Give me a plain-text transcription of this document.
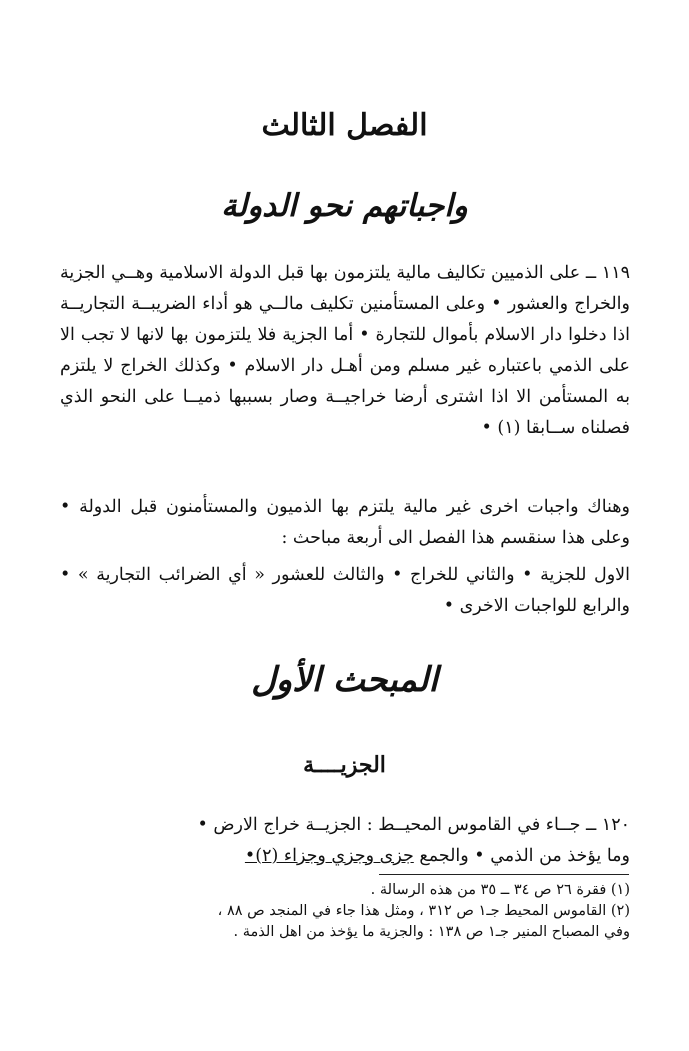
الفصل الثالث
واجباتهم نحو الدولة

١١٩ ــ على الذميين تكاليف مالية يلتزمون بها قبل الدولة الاسلامية وهــي الجزية والخراج والعشور • وعلى المستأمنين تكليف مالــي هو أداء الضريبــة التجاريــة اذا دخلوا دار الاسلام بأموال للتجارة • أما الجزية فلا يلتزمون بها لانها لا تجب الا على الذمي باعتباره غير مسلم ومن أهـل دار الاسلام • وكذلك الخراج لا يلتزم به المستأمن الا اذا اشترى أرضا خراجيــة وصار بسببها ذميــا على النحو الذي فصلناه ســابقا (١) •

وهناك واجبات اخرى غير مالية يلتزم بها الذميون والمستأمنون قبل الدولة • وعلى هذا سنقسم هذا الفصل الى أربعة مباحث :

الاول للجزية • والثاني للخراج • والثالث للعشور « أي الضرائب التجارية » • والرابع للواجبات الاخرى •

المبحث الأول
الجزيــــة

١٢٠ ــ جــاء في القاموس المحيــط : الجزيــة خراج الارض •

وما يؤخذ من الذمي • والجمع جزى وجزي وجزاء (٢)•

(١) فقرة ٢٦ ص ٣٤ ــ ٣٥ من هذه الرسالة .

(٢) القاموس المحيط جـ١ ص ٣١٢ ، ومثل هذا جاء في المنجد ص ٨٨ ،

وفي المصباح المنير جـ١ ص ١٣٨ : والجزية ما يؤخذ من اهل الذمة .
